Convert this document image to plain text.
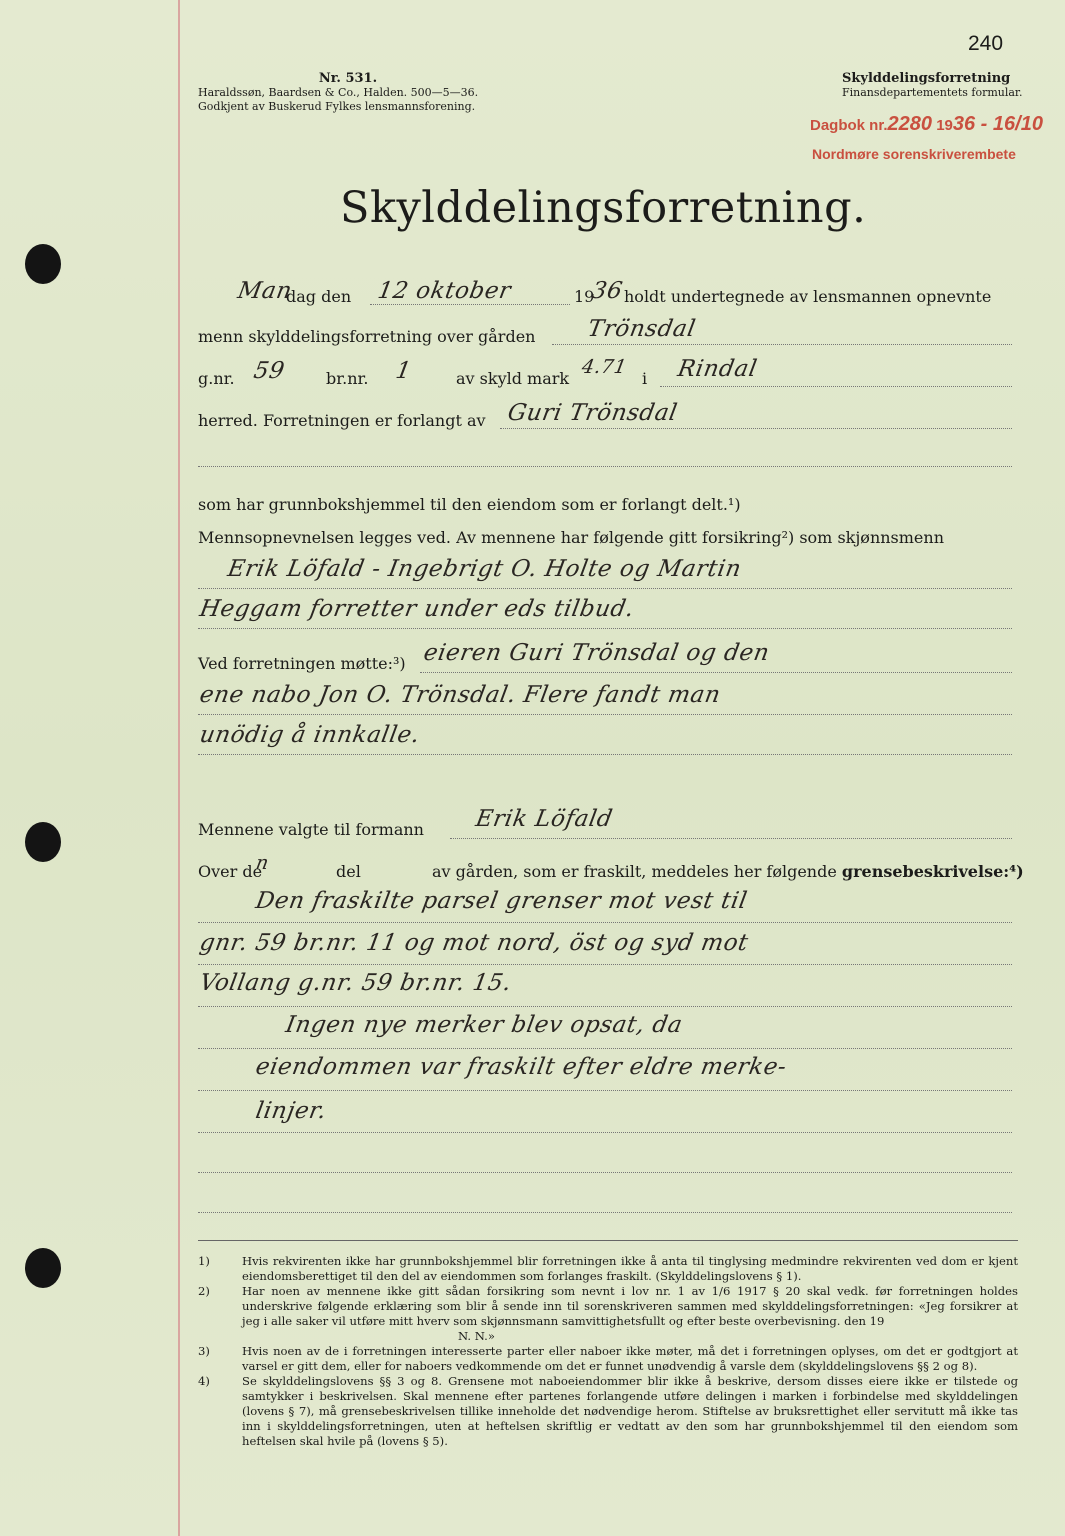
240
Nr. 531.
Haraldssøn, Baardsen & Co., Halden. 500—5—36.
Godkjent av Buskerud Fylkes lensmannsforening.
Skylddelingsforretning
Finansdepartementets formular.
Dagbok nr.2280 1936 - 16/10
Nordmøre sorenskriverembete
Skylddelingsforretning.
Man
dag den 12 oktober	19
36 holdt undertegnede av lensmannen opnevnte
menn skylddelingsforretning over gården Trönsdal
g.nr. 59 br.nr. 1	av skyld mark
4.71
i Rindal
herred. Forretningen er forlangt av Guri Trönsdal
som har grunnbokshjemmel til den eiendom som er forlangt delt.¹)
Mennsopnevnelsen legges ved. Av mennene har følgende gitt forsikring²) som skjønnsmenn
Erik Löfald - Ingebrigt O. Holte og Martin
Heggam forretter under eds tilbud.
Ved forretningen møtte:³) eieren Guri Trönsdal og den
ene nabo Jon O. Trönsdal. Flere fandt man
unödig å innkalle.
Mennene valgte til formann Erik Löfald
Over de
n	del	av gården, som er fraskilt, meddeles her følgende grensebeskrivelse:⁴)
Den fraskilte parsel grenser mot vest til
gnr. 59 br.nr. 11 og mot nord, öst og syd mot
Vollang g.nr. 59 br.nr. 15.
Ingen nye merker blev opsat, da
eiendommen var fraskilt efter eldre merke-
linjer.
1)	Hvis rekvirenten ikke har grunnbokshjemmel blir forretningen ikke å anta til tinglysing medmindre rekvirenten ved dom er kjent eiendomsberettiget til den del av eiendommen som forlanges fraskilt. (Skylddelingslovens § 1).
2)	Har noen av mennene ikke gitt sådan forsikring som nevnt i lov nr. 1 av 1/6 1917 § 20 skal vedk. før forretningen holdes underskrive følgende erklæring som blir å sende inn til sorenskriveren sammen med skylddelingsforretningen: «Jeg forsikrer at jeg i alle saker vil utføre mitt hverv som skjønnsmann samvittighetsfullt og efter beste overbevisning. den 19
N. N.»
3)	Hvis noen av de i forretningen interesserte parter eller naboer ikke møter, må det i forretningen oplyses, om det er godtgjort at varsel er gitt dem, eller for naboers vedkommende om det er funnet unødvendig å varsle dem (skylddelingslovens §§ 2 og 8).
4)	Se skylddelingslovens §§ 3 og 8. Grensene mot naboeiendommer blir ikke å beskrive, dersom disses eiere ikke er tilstede og samtykker i beskrivelsen. Skal mennene efter partenes forlangende utføre delingen i marken i forbindelse med skylddelingen (lovens § 7), må grensebeskrivelsen tillike inneholde det nødvendige herom. Stiftelse av bruksrettighet eller servitutt må ikke tas inn i skylddelingsforretningen, uten at heftelsen skriftlig er vedtatt av den som har grunnbokshjemmel til den eiendom som heftelsen skal hvile på (lovens § 5).
